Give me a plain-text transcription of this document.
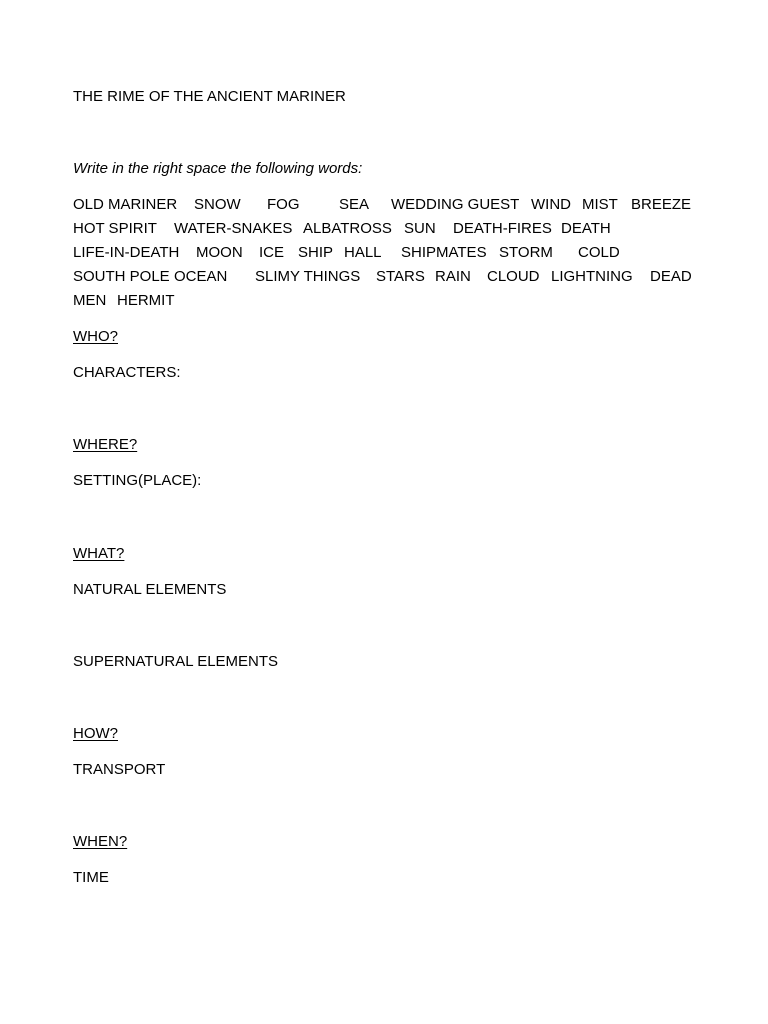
THE RIME OF THE ANCIENT MARINER

Write in the right space the following words:

OLD MARINER SNOW FOG	SEA WEDDING GUEST WIND MIST BREEZE
HOT SPIRIT WATER-SNAKES ALBATROSS SUN DEATH-FIRES DEATH
LIFE-IN-DEATH MOON ICE SHIP HALL SHIPMATES STORM COLD
SOUTH POLE OCEAN SLIMY THINGS STARS RAIN CLOUD LIGHTNING DEAD
MEN HERMIT

WHO?

CHARACTERS:

WHERE?

SETTING(PLACE):

WHAT?

NATURAL ELEMENTS

SUPERNATURAL ELEMENTS

HOW?

TRANSPORT

WHEN?

TIME
